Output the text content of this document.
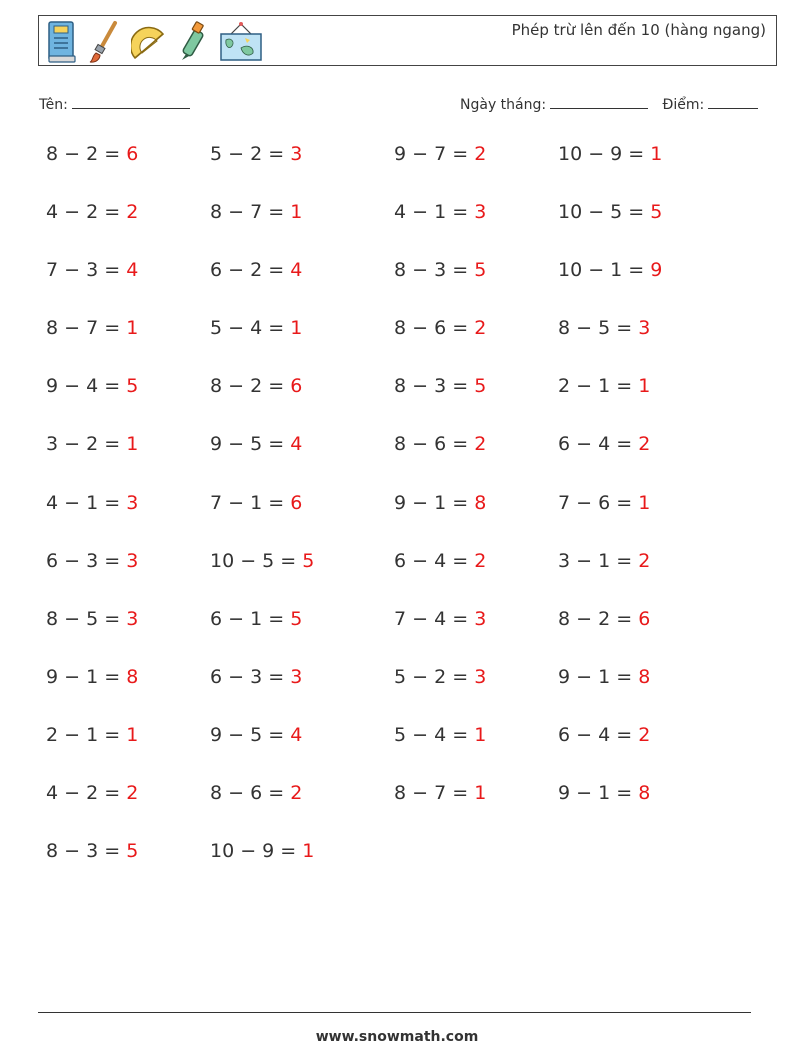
Phép trừ lên đến 10 (hàng ngang)
Tên:	Ngày tháng:	Điểm:
8 − 2 = 6	5 − 2 = 3	9 − 7 = 2	10 − 9 = 1
4 − 2 = 2	8 − 7 = 1	4 − 1 = 3	10 − 5 = 5
7 − 3 = 4	6 − 2 = 4	8 − 3 = 5	10 − 1 = 9
8 − 7 = 1	5 − 4 = 1	8 − 6 = 2	8 − 5 = 3
9 − 4 = 5	8 − 2 = 6	8 − 3 = 5	2 − 1 = 1
3 − 2 = 1	9 − 5 = 4	8 − 6 = 2	6 − 4 = 2
4 − 1 = 3	7 − 1 = 6	9 − 1 = 8	7 − 6 = 1
6 − 3 = 3	10 − 5 = 5	6 − 4 = 2	3 − 1 = 2
8 − 5 = 3	6 − 1 = 5	7 − 4 = 3	8 − 2 = 6
9 − 1 = 8	6 − 3 = 3	5 − 2 = 3	9 − 1 = 8
2 − 1 = 1	9 − 5 = 4	5 − 4 = 1	6 − 4 = 2
4 − 2 = 2	8 − 6 = 2	8 − 7 = 1	9 − 1 = 8
8 − 3 = 5	10 − 9 = 1
www.snowmath.com
